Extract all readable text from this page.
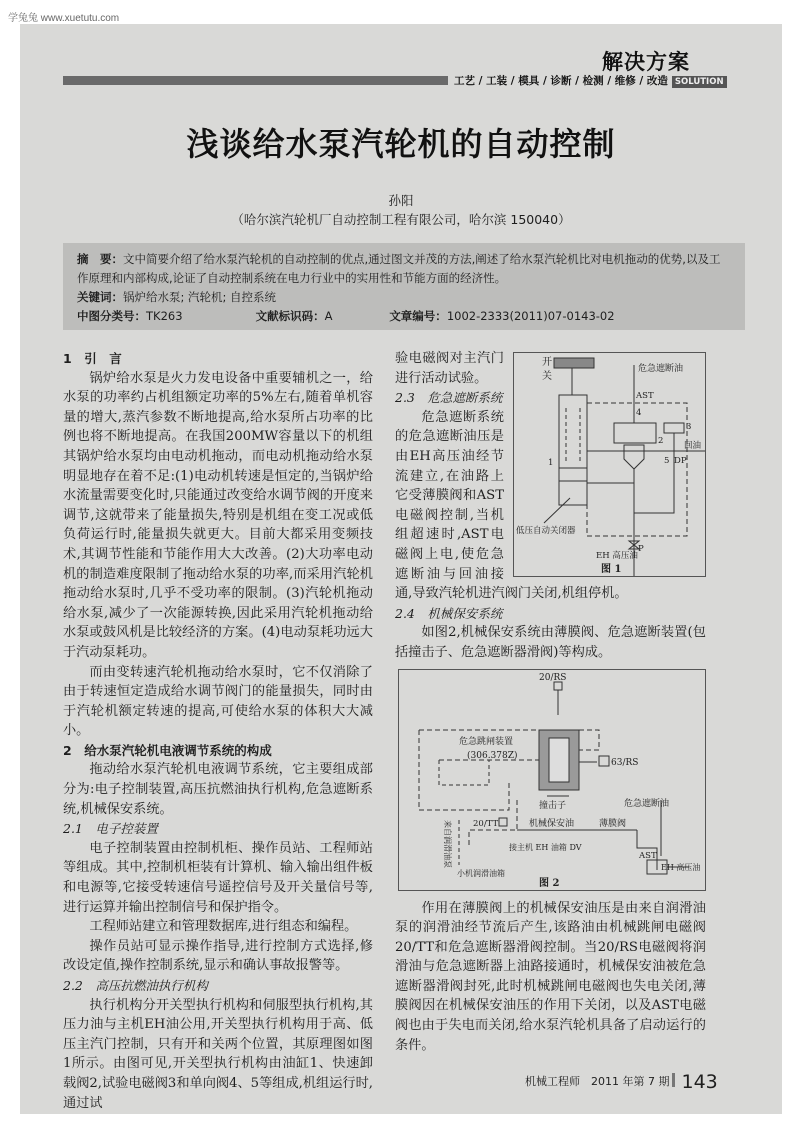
学兔兔 www.xuetutu.com
解决方案
工艺 / 工装 / 模具 / 诊断 / 检测 / 维修 / 改造 SOLUTION
浅谈给水泵汽轮机的自动控制
孙阳
（哈尔滨汽轮机厂自动控制工程有限公司，哈尔滨 150040）
摘　要：文中简要介绍了给水泵汽轮机的自动控制的优点,通过图文并茂的方法,阐述了给水泵汽轮机比对电机拖动的优势,以及工作原理和内部构成,论证了自动控制系统在电力行业中的实用性和节能方面的经济性。
关键词：锅炉给水泵; 汽轮机; 自控系统
中图分类号：TK263	文献标识码：A	文章编号：1002-2333(2011)07-0143-02
1　引　言

锅炉给水泵是火力发电设备中重要辅机之一，给水泵的功率约占机组额定功率的5%左右,随着单机容量的增大,蒸汽参数不断地提高,给水泵所占功率的比例也将不断地提高。在我国200MW容量以下的机组其锅炉给水泵均由电动机拖动，而电动机拖动给水泵明显地存在着不足:(1)电动机转速是恒定的,当锅炉给水流量需要变化时,只能通过改变给水调节阀的开度来调节,这就带来了能量损失,特别是机组在变工况或低负荷运行时,能量损失就更大。目前大都采用变频技术,其调节性能和节能作用大大改善。(2)大功率电动机的制造难度限制了拖动给水泵的功率,而采用汽轮机拖动给水泵时,几乎不受功率的限制。(3)汽轮机拖动给水泵,减少了一次能源转换,因此采用汽轮机拖动给水泵或鼓风机是比较经济的方案。(4)电动泵耗功远大于汽动泵耗功。

而由变转速汽轮机拖动给水泵时，它不仅消除了由于转速恒定造成给水调节阀门的能量损失，同时由于汽轮机额定转速的提高,可使给水泵的体积大大减小。

2　给水泵汽轮机电液调节系统的构成

拖动给水泵汽轮机电液调节系统，它主要组成部分为:电子控制装置,高压抗燃油执行机构,危急遮断系统,机械保安系统。

2.1　电子控装置

电子控制装置由控制机柜、操作员站、工程师站等组成。其中,控制机柜装有计算机、输入输出组件板和电源等,它接受转速信号遥控信号及开关量信号等,进行运算并输出控制信号和保护指令。

工程师站建立和管理数据库,进行组态和编程。

操作员站可显示操作指导,进行控制方式选择,修改设定值,操作控制系统,显示和确认事故报警等。

2.2　高压抗燃油执行机构

执行机构分开关型执行机构和伺服型执行机构,其压力油与主机EH油公用,开关型执行机构用于高、低压主汽门控制，只有开和关两个位置，其原理图如图1所示。由图可见,开关型执行机构由油缸1、快速卸载阀2,试验电磁阀3和单向阀4、5等组成,机组运行时,通过试

开
关
危急遮断油
AST
4
3
2
1	5 DP
回油
低压自动关闭器
P
EH 高压油
图 1

验电磁阀对主汽门进行活动试验。

2.3　危急遮断系统

危急遮断系统的危急遮断油压是由EH高压油经节流建立,在油路上它受薄膜阀和AST电磁阀控制,当机组超速时,AST电磁阀上电,使危急遮断油与回油接通,导致汽轮机进汽阀门关闭,机组停机。

2.4　机械保安系统

如图2,机械保安系统由薄膜阀、危急遮断装置(包括撞击子、危急遮断器滑阀)等构成。

20/RS
危急跳闸装置
(306.378Z)
63/RS
撞击子	危急遮断油
20/TT	机械保安油	薄膜阀
来自润滑油泵	接主机 EH 油箱 DV
小机润滑油箱
AST
EH 高压油
图 2

作用在薄膜阀上的机械保安油压是由来自润滑油泵的润滑油经节流后产生,该路油由机械跳闸电磁阀20/TT和危急遮断器滑阀控制。当20/RS电磁阀将润滑油与危急遮断器上油路接通时，机械保安油被危急遮断器滑阀封死,此时机械跳闸电磁阀也失电关闭,薄膜阀因在机械保安油压的作用下关闭，以及AST电磁阀也由于失电而关闭,给水泵汽轮机具备了启动运行的条件。

机械工程师　2011 年第 7 期 143
